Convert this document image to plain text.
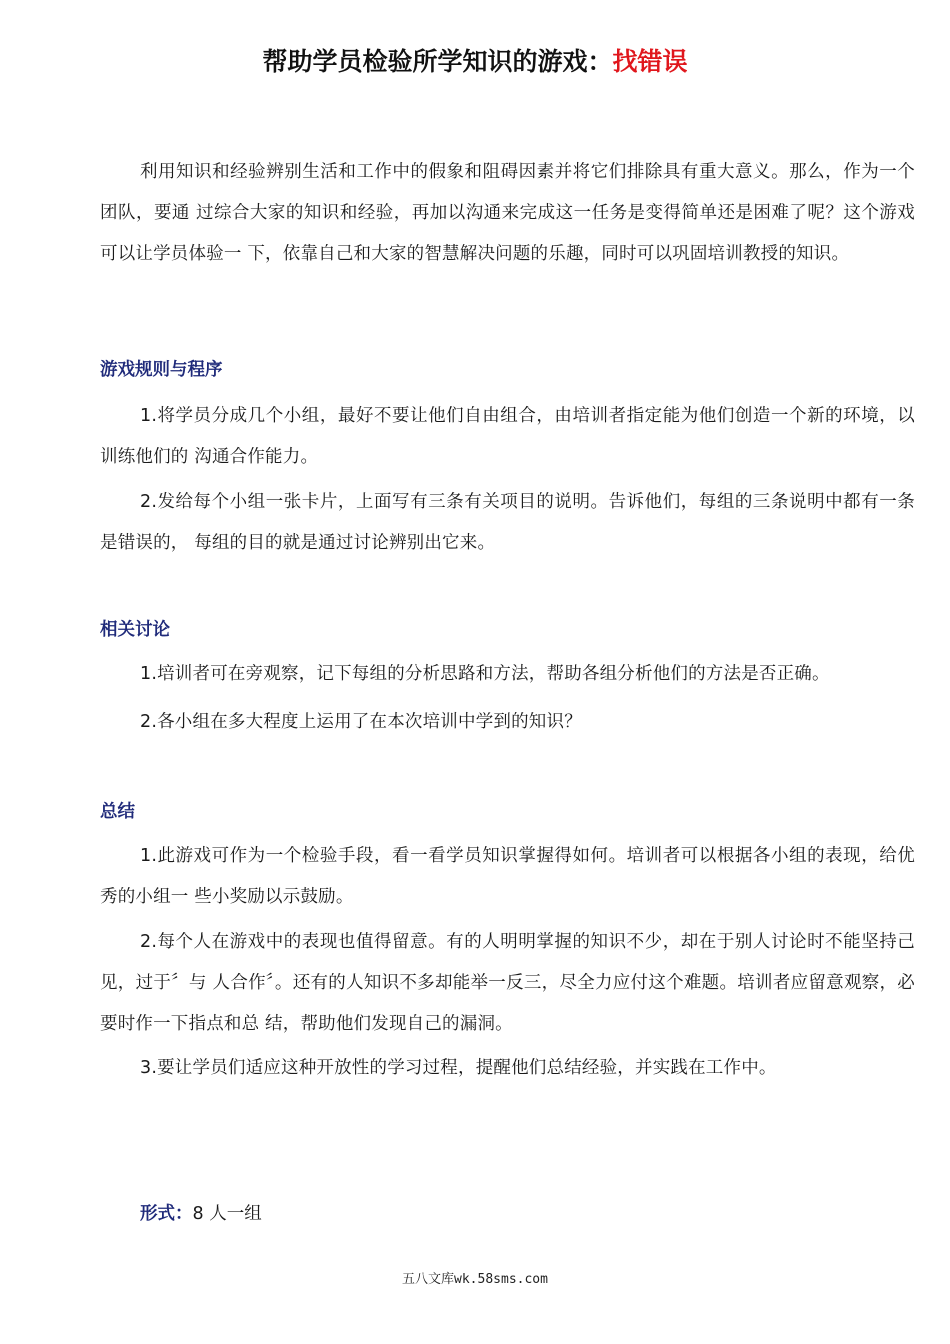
帮助学员检验所学知识的游戏：找错误

利用知识和经验辨别生活和工作中的假象和阻碍因素并将它们排除具有重大意义。那么，作为一个团队，要通 过综合大家的知识和经验，再加以沟通来完成这一任务是变得简单还是困难了呢？这个游戏可以让学员体验一 下，依靠自己和大家的智慧解决问题的乐趣，同时可以巩固培训教授的知识。

游戏规则与程序

1.将学员分成几个小组，最好不要让他们自由组合，由培训者指定能为他们创造一个新的环境，以训练他们的 沟通合作能力。

2.发给每个小组一张卡片，上面写有三条有关项目的说明。告诉他们，每组的三条说明中都有一条是错误的， 每组的目的就是通过讨论辨别出它来。

相关讨论

1.培训者可在旁观察，记下每组的分析思路和方法，帮助各组分析他们的方法是否正确。

2.各小组在多大程度上运用了在本次培训中学到的知识？

总结

1.此游戏可作为一个检验手段，看一看学员知识掌握得如何。培训者可以根据各小组的表现，给优秀的小组一 些小奖励以示鼓励。

2.每个人在游戏中的表现也值得留意。有的人明明掌握的知识不少，却在于别人讨论时不能坚持己见，过于〞与 人合作〞。还有的人知识不多却能举一反三，尽全力应付这个难题。培训者应留意观察，必要时作一下指点和总 结，帮助他们发现自己的漏洞。

3.要让学员们适应这种开放性的学习过程，提醒他们总结经验，并实践在工作中。

形式：8 人一组

五八文库wk.58sms.com
